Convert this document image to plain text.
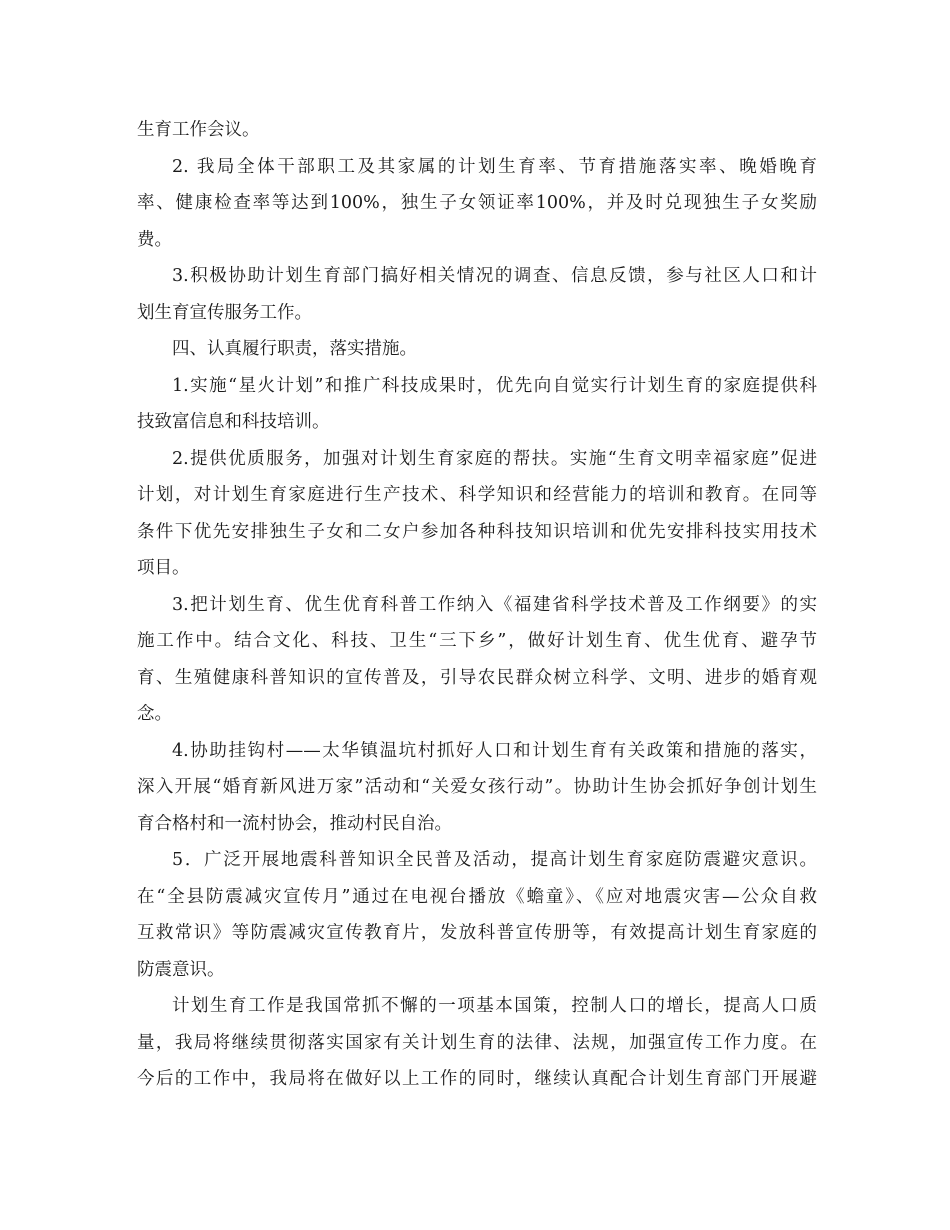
生育工作会议。
2. 我局全体干部职工及其家属的计划生育率、节育措施落实率、晚婚晚育
率、健康检查率等达到100%，独生子女领证率100%，并及时兑现独生子女奖励
费。
3.积极协助计划生育部门搞好相关情况的调查、信息反馈，参与社区人口和计
划生育宣传服务工作。
四、认真履行职责，落实措施。
1.实施“星火计划”和推广科技成果时，优先向自觉实行计划生育的家庭提供科
技致富信息和科技培训。
2.提供优质服务，加强对计划生育家庭的帮扶。实施“生育文明幸福家庭”促进
计划，对计划生育家庭进行生产技术、科学知识和经营能力的培训和教育。在同等
条件下优先安排独生子女和二女户参加各种科技知识培训和优先安排科技实用技术
项目。
3.把计划生育、优生优育科普工作纳入《福建省科学技术普及工作纲要》的实
施工作中。结合文化、科技、卫生“三下乡”，做好计划生育、优生优育、避孕节
育、生殖健康科普知识的宣传普及，引导农民群众树立科学、文明、进步的婚育观
念。
4.协助挂钩村——太华镇温坑村抓好人口和计划生育有关政策和措施的落实，
深入开展“婚育新风进万家”活动和“关爱女孩行动”。协助计生协会抓好争创计划生
育合格村和一流村协会，推动村民自治。
5．广泛开展地震科普知识全民普及活动，提高计划生育家庭防震避灾意识。
在“全县防震减灾宣传月”通过在电视台播放《蟾童》、《应对地震灾害—公众自救
互救常识》等防震减灾宣传教育片，发放科普宣传册等，有效提高计划生育家庭的
防震意识。
计划生育工作是我国常抓不懈的一项基本国策，控制人口的增长，提高人口质
量，我局将继续贯彻落实国家有关计划生育的法律、法规，加强宣传工作力度。在
今后的工作中，我局将在做好以上工作的同时，继续认真配合计划生育部门开展避
